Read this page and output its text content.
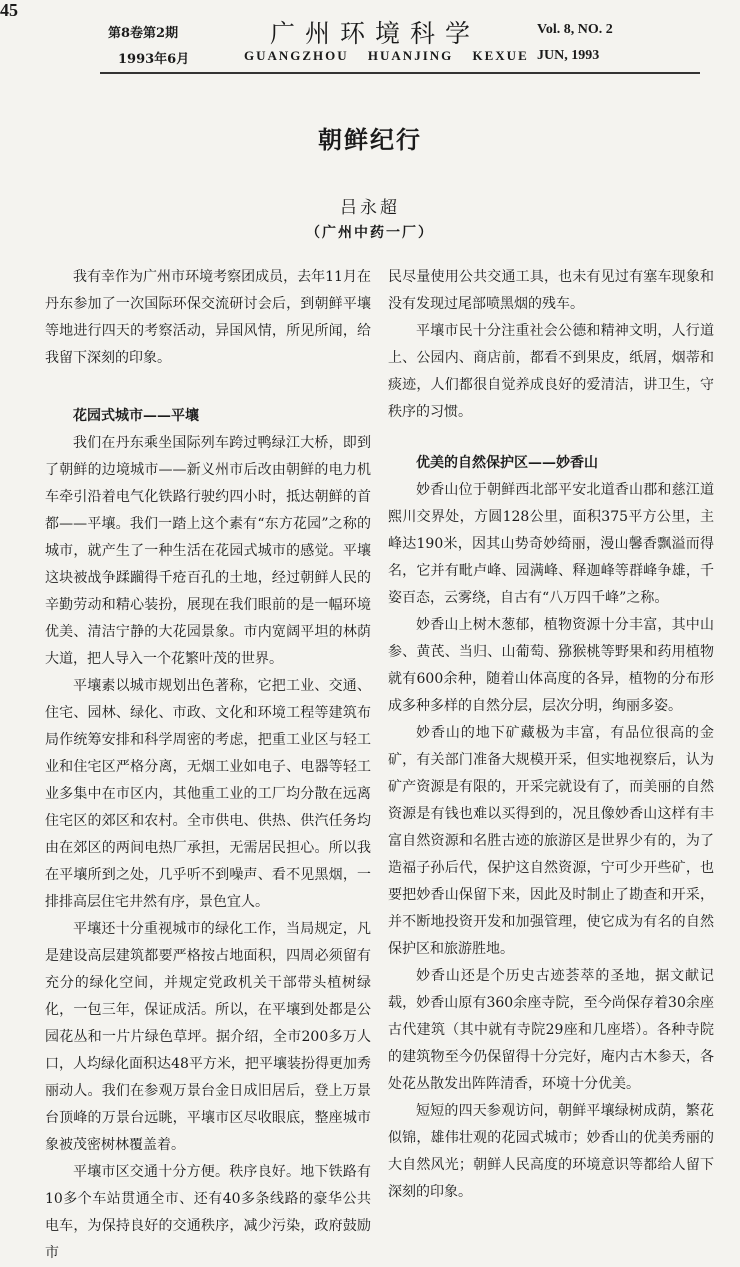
第8卷第2期
1993年6月
广州环境科学
GUANGZHOU HUANJING KEXUE
Vol. 8, NO. 2
JUN, 1993
45
朝鲜纪行
吕永超
（广州中药一厂）

我有幸作为广州市环境考察团成员，去年11月在丹东参加了一次国际环保交流研讨会后，到朝鲜平壤等地进行四天的考察活动，异国风情，所见所闻，给我留下深刻的印象。

花园式城市——平壤

我们在丹东乘坐国际列车跨过鸭绿江大桥，即到了朝鲜的边境城市——新义州市后改由朝鲜的电力机车牵引沿着电气化铁路行驶约四小时，抵达朝鲜的首都——平壤。我们一踏上这个素有“东方花园”之称的城市，就产生了一种生活在花园式城市的感觉。平壤这块被战争蹂躏得千疮百孔的土地，经过朝鲜人民的辛勤劳动和精心装扮，展现在我们眼前的是一幅环境优美、清洁宁静的大花园景象。市内宽阔平坦的林荫大道，把人导入一个花繁叶茂的世界。

平壤素以城市规划出色著称，它把工业、交通、住宅、园林、绿化、市政、文化和环境工程等建筑布局作统筹安排和科学周密的考虑，把重工业区与轻工业和住宅区严格分离，无烟工业如电子、电器等轻工业多集中在市区内，其他重工业的工厂均分散在远离住宅区的郊区和农村。全市供电、供热、供汽任务均由在郊区的两间电热厂承担，无需居民担心。所以我在平壤所到之处，几乎听不到噪声、看不见黑烟，一排排高层住宅井然有序，景色宜人。

平壤还十分重视城市的绿化工作，当局规定，凡是建设高层建筑都要严格按占地面积，四周必须留有充分的绿化空间，并规定党政机关干部带头植树绿化，一包三年，保证成活。所以，在平壤到处都是公园花丛和一片片绿色草坪。据介绍，全市200多万人口，人均绿化面积达48平方米，把平壤装扮得更加秀丽动人。我们在参观万景台金日成旧居后，登上万景台顶峰的万景台远眺，平壤市区尽收眼底，整座城市象被茂密树林覆盖着。

平壤市区交通十分方便。秩序良好。地下铁路有10多个车站贯通全市、还有40多条线路的豪华公共电车，为保持良好的交通秩序，减少污染，政府鼓励市

民尽量使用公共交通工具，也未有见过有塞车现象和没有发现过尾部喷黑烟的残车。

平壤市民十分注重社会公德和精神文明，人行道上、公园内、商店前，都看不到果皮，纸屑，烟蒂和痰迹，人们都很自觉养成良好的爱清洁，讲卫生，守秩序的习惯。

优美的自然保护区——妙香山

妙香山位于朝鲜西北部平安北道香山郡和慈江道熙川交界处，方圆128公里，面积375平方公里，主峰达190米，因其山势奇妙绮丽，漫山馨香飘溢而得名，它并有毗卢峰、园满峰、释迦峰等群峰争雄，千姿百态，云雾绕，自古有“八万四千峰”之称。

妙香山上树木葱郁，植物资源十分丰富，其中山参、黄芪、当归、山葡萄、猕猴桃等野果和药用植物就有600余种，随着山体高度的各异，植物的分布形成多种多样的自然分层，层次分明，绚丽多姿。

妙香山的地下矿藏极为丰富，有品位很高的金矿，有关部门准备大规模开采，但实地视察后，认为矿产资源是有限的，开采完就设有了，而美丽的自然资源是有钱也难以买得到的，况且像妙香山这样有丰富自然资源和名胜古迹的旅游区是世界少有的，为了造福子孙后代，保护这自然资源，宁可少开些矿，也要把妙香山保留下来，因此及时制止了勘查和开采，并不断地投资开发和加强管理，使它成为有名的自然保护区和旅游胜地。

妙香山还是个历史古迹荟萃的圣地，据文献记载，妙香山原有360余座寺院，至今尚保存着30余座古代建筑（其中就有寺院29座和几座塔）。各种寺院的建筑物至今仍保留得十分完好，庵内古木参天，各处花丛散发出阵阵清香，环境十分优美。

短短的四天参观访问，朝鲜平壤绿树成荫，繁花似锦，雄伟壮观的花园式城市；妙香山的优美秀丽的大自然风光；朝鲜人民高度的环境意识等都给人留下深刻的印象。
